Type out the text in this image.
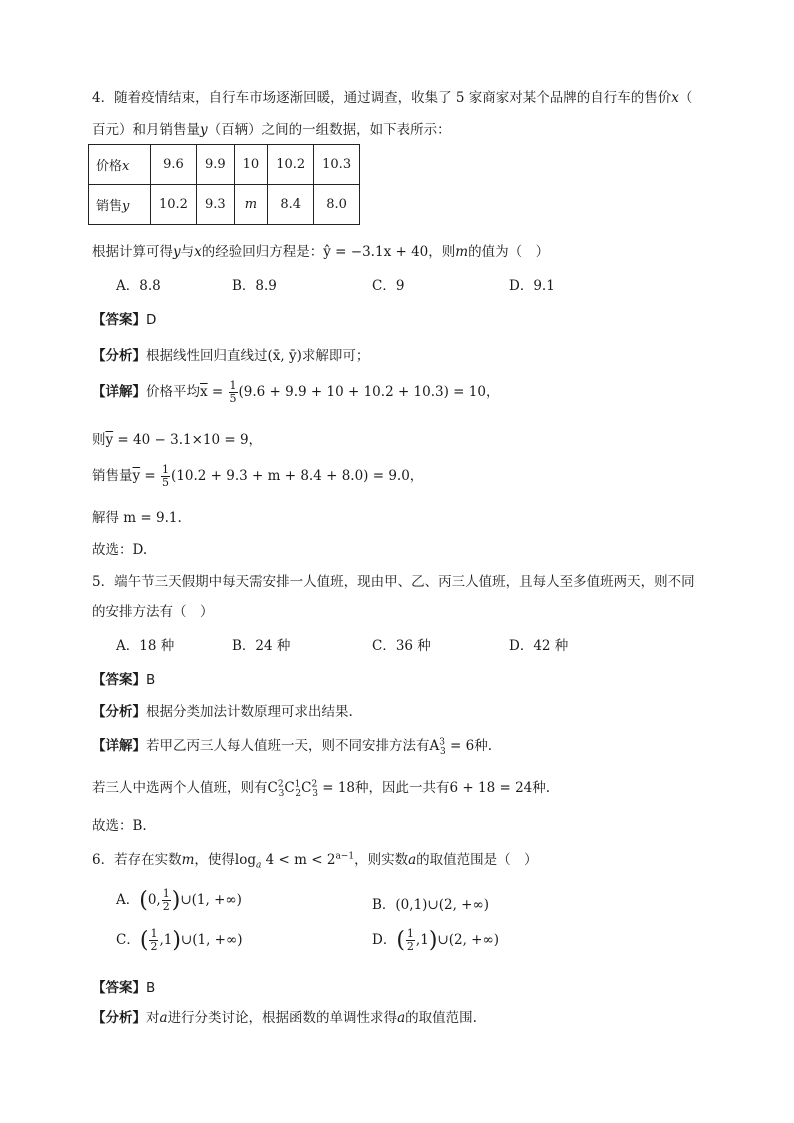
4．随着疫情结束，自行车市场逐渐回暖，通过调查，收集了 5 家商家对某个品牌的自行车的售价x（
百元）和月销售量y（百辆）之间的一组数据，如下表所示：
价格x	9.6	9.9	10	10.2	10.3
销售y	10.2	9.3	m	8.4	8.0
根据计算可得y与x的经验回归方程是：ŷ = −3.1x + 40，则m的值为（　）
A．8.8	B．8.9	C．9	D．9.1
【答案】D
【分析】根据线性回归直线过(x̄, ȳ)求解即可；
【详解】价格平均$\overline{x} = \frac{1}{5} (9.6 + 9.9 + 10 + 10.2 + 10.3) = 10$，
则$\overline{y} = 40 - 3.1\times 10 = 9$，
销售量$\overline{y} = \frac{1}{5} (10.2 + 9.3 + m + 8.4 + 8.0) = 9.0$，
解得 m = 9.1.
故选：D.
5．端午节三天假期中每天需安排一人值班，现由甲、乙、丙三人值班，且每人至多值班两天，则不同
的安排方法有（　）
A．18 种	B．24 种	C．36 种	D．42 种
【答案】B
【分析】根据分类加法计数原理可求出结果.
【详解】若甲乙丙三人每人值班一天，则不同安排方法有$A^3_3 = 6$种.
若三人中选两个人值班，则有$C^2_3C^1_2C^2_3 = 18$种，因此一共有6 + 18 = 24种.
故选：B.
6．若存在实数m，使得$\log_a 4 < m < 2^{a-1}$，则实数a的取值范围是（　）
A．(0, $\frac{1}{2}$ )∪(1, +∞)	B．(0,1)∪(2, +∞)
C．( $\frac{1}{2}$ ,1)∪(1, +∞)	D．( $\frac{1}{2}$ ,1)∪(2, +∞)
【答案】B
【分析】对a进行分类讨论，根据函数的单调性求得a的取值范围.
